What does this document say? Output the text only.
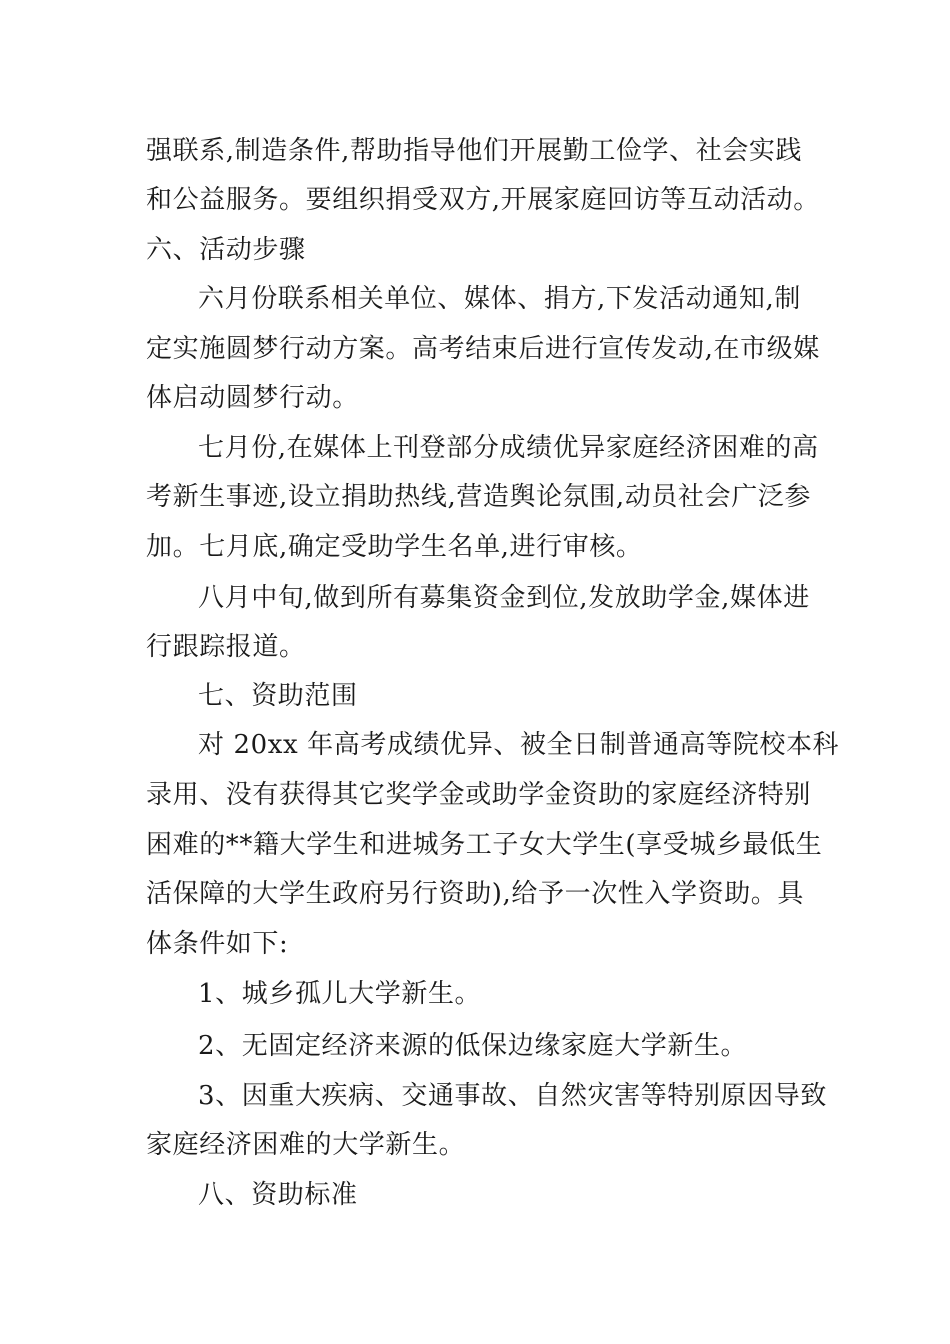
强联系,制造条件,帮助指导他们开展勤工俭学、社会实践
和公益服务。要组织捐受双方,开展家庭回访等互动活动。
六、活动步骤
六月份联系相关单位、媒体、捐方,下发活动通知,制
定实施圆梦行动方案。高考结束后进行宣传发动,在市级媒
体启动圆梦行动。
七月份,在媒体上刊登部分成绩优异家庭经济困难的高
考新生事迹,设立捐助热线,营造舆论氛围,动员社会广泛参
加。七月底,确定受助学生名单,进行审核。
八月中旬,做到所有募集资金到位,发放助学金,媒体进
行跟踪报道。
七、资助范围
对 20xx 年高考成绩优异、被全日制普通高等院校本科
录用、没有获得其它奖学金或助学金资助的家庭经济特别
困难的**籍大学生和进城务工子女大学生(享受城乡最低生
活保障的大学生政府另行资助),给予一次性入学资助。具
体条件如下:
1、城乡孤儿大学新生。
2、无固定经济来源的低保边缘家庭大学新生。
3、因重大疾病、交通事故、自然灾害等特别原因导致
家庭经济困难的大学新生。
八、资助标准
